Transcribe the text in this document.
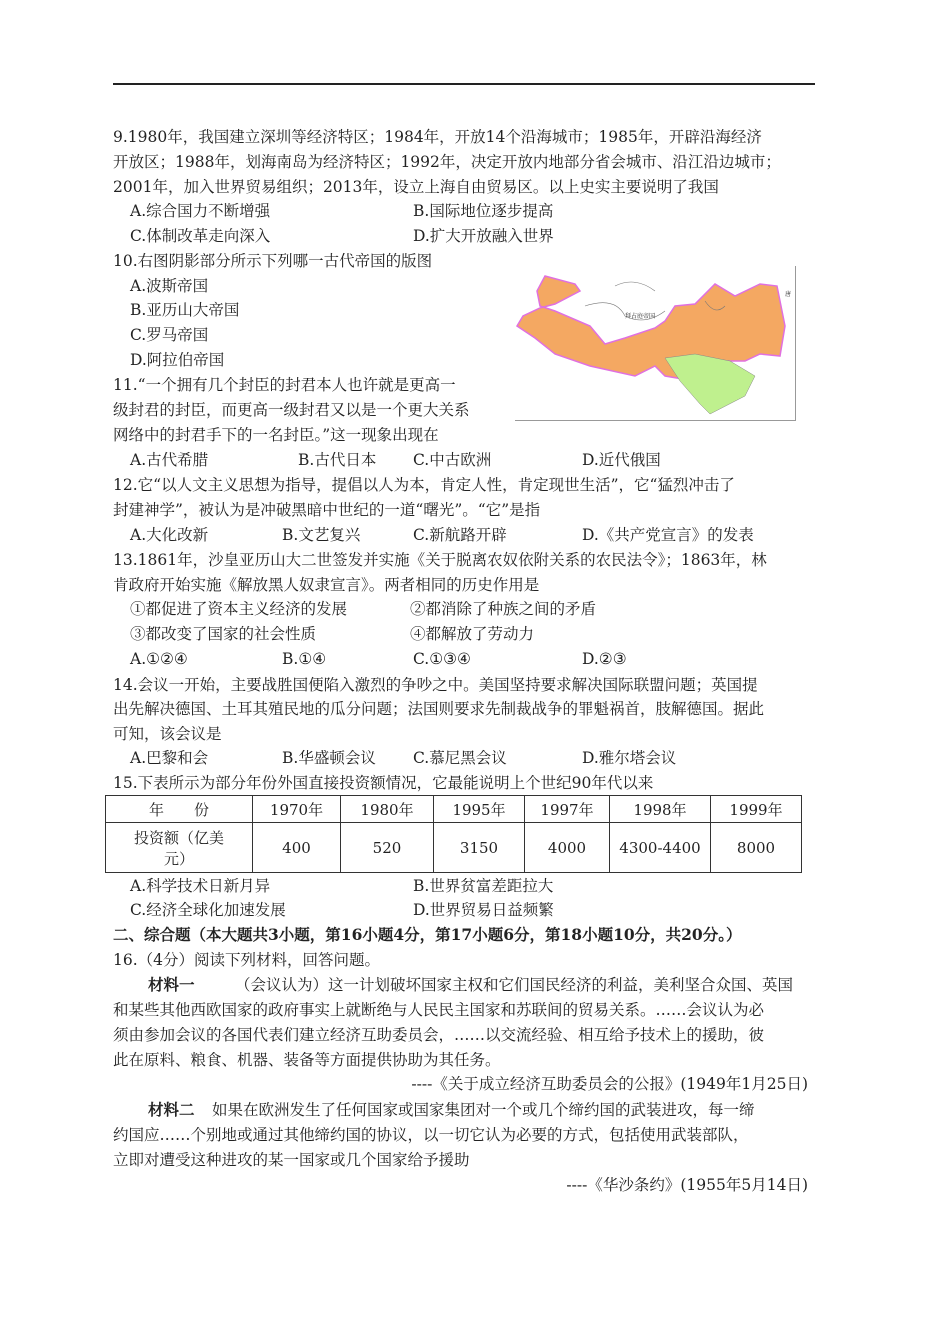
9.1980年，我国建立深圳等经济特区；1984年，开放14个沿海城市；1985年，开辟沿海经济
开放区；1988年，划海南岛为经济特区；1992年，决定开放内地部分省会城市、沿江沿边城市；
2001年，加入世界贸易组织；2013年，设立上海自由贸易区。以上史实主要说明了我国
A.综合国力不断增强	B.国际地位逐步提高
C.体制改革走向深入	D.扩大开放融入世界
10.右图阴影部分所示下列哪一古代帝国的版图
A.波斯帝国
B.亚历山大帝国
C.罗马帝国
D.阿拉伯帝国
拜占庭帝国
唐
11.“一个拥有几个封臣的封君本人也许就是更高一
级封君的封臣，而更高一级封君又以是一个更大关系
网络中的封君手下的一名封臣。”这一现象出现在
A.古代希腊	B.古代日本 C.中古欧洲	D.近代俄国
12.它“以人文主义思想为指导，提倡以人为本，肯定人性，肯定现世生活”，它“猛烈冲击了
封建神学”，被认为是冲破黑暗中世纪的一道“曙光”。“它”是指
A.大化改新	B.文艺复兴	C.新航路开辟	D.《共产党宣言》的发表
13.1861年，沙皇亚历山大二世签发并实施《关于脱离农奴依附关系的农民法令》；1863年，林
肯政府开始实施《解放黑人奴隶宣言》。两者相同的历史作用是
①都促进了资本主义经济的发展	②都消除了种族之间的矛盾
③都改变了国家的社会性质	④都解放了劳动力
A.①②④	B.①④	C.①③④	D.②③
14.会议一开始，主要战胜国便陷入激烈的争吵之中。美国坚持要求解决国际联盟问题；英国提
出先解决德国、土耳其殖民地的瓜分问题；法国则要求先制裁战争的罪魁祸首，肢解德国。据此
可知，该会议是
A.巴黎和会	B.华盛顿会议 C.慕尼黑会议	D.雅尔塔会议
15.下表所示为部分年份外国直接投资额情况，它最能说明上个世纪90年代以来
年　　份	1970年	1980年	1995年	1997年	1998年	1999年

投资额（亿美
元）	400	520	3150	4000	4300-4400	8000
A.科学技术日新月异	B.世界贫富差距拉大
C.经济全球化加速发展	D.世界贸易日益频繁
二、综合题（本大题共3小题，第16小题4分，第17小题6分，第18小题10分，共20分。）
16.（4分）阅读下列材料，回答问题。
材料一	（会议认为）这一计划破坏国家主权和它们国民经济的利益，美利坚合众国、英国
和某些其他西欧国家的政府事实上就断绝与人民民主国家和苏联间的贸易关系。……会议认为必
须由参加会议的各国代表们建立经济互助委员会，……以交流经验、相互给予技术上的援助，彼
此在原料、粮食、机器、装备等方面提供协助为其任务。
----《关于成立经济互助委员会的公报》(1949年1月25日)
材料二 如果在欧洲发生了任何国家或国家集团对一个或几个缔约国的武装进攻，每一缔
约国应……个别地或通过其他缔约国的协议，以一切它认为必要的方式，包括使用武装部队，
立即对遭受这种进攻的某一国家或几个国家给予援助
----《华沙条约》(1955年5月14日)
